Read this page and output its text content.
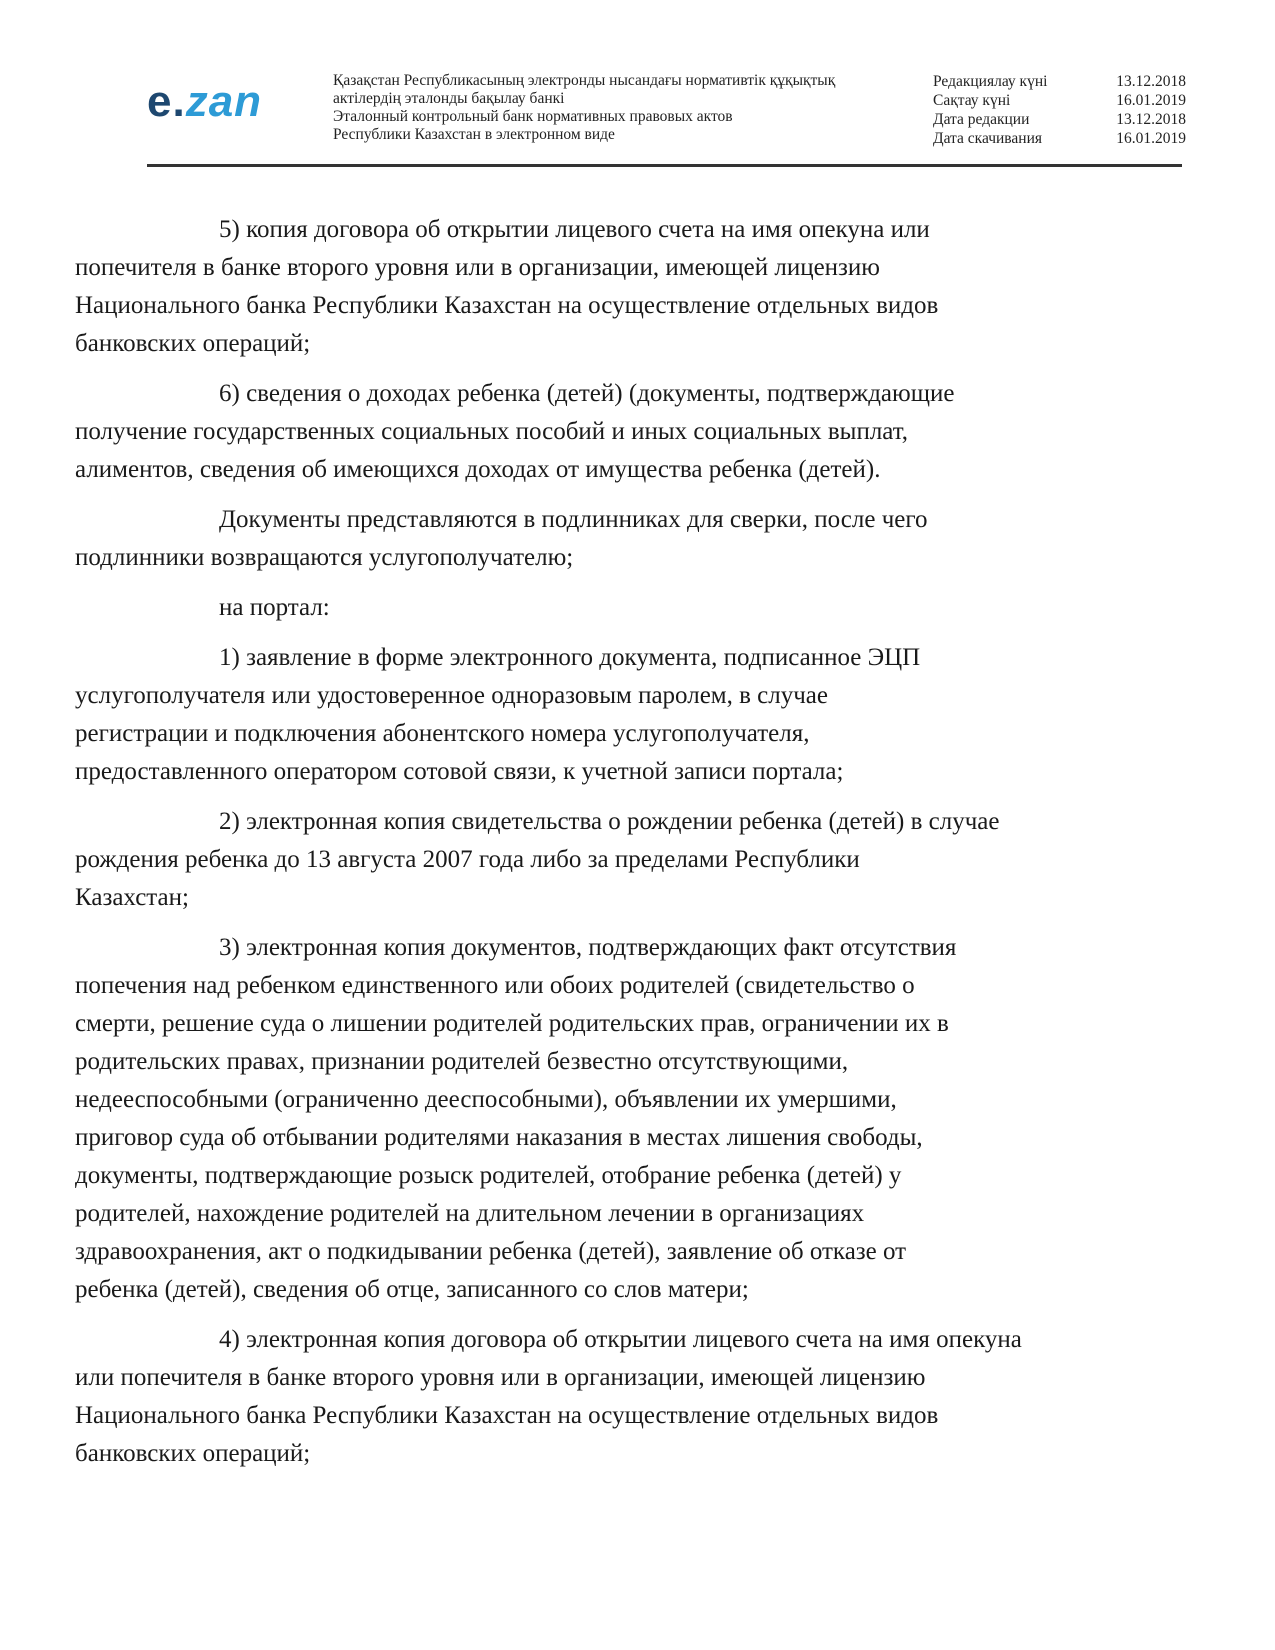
e.zan	Қазақстан Республикасының электронды нысандағы нормативтік құқықтық
актілердің эталонды бақылау банкі
Эталонный контрольный банк нормативных правовых актов
Республики Казахстан в электронном виде
Редакциялау күні	13.12.2018
Сақтау күні	16.01.2019
Дата редакции	13.12.2018
Дата скачивания	16.01.2019

5) копия договора об открытии лицевого счета на имя опекуна или
попечителя в банке второго уровня или в организации, имеющей лицензию
Национального банка Республики Казахстан на осуществление отдельных видов
банковских операций;

6) сведения о доходах ребенка (детей) (документы, подтверждающие
получение государственных социальных пособий и иных социальных выплат,
алиментов, сведения об имеющихся доходах от имущества ребенка (детей).

Документы представляются в подлинниках для сверки, после чего
подлинники возвращаются услугополучателю;

на портал:

1) заявление в форме электронного документа, подписанное ЭЦП
услугополучателя или удостоверенное одноразовым паролем, в случае
регистрации и подключения абонентского номера услугополучателя,
предоставленного оператором сотовой связи, к учетной записи портала;

2) электронная копия свидетельства о рождении ребенка (детей) в случае
рождения ребенка до 13 августа 2007 года либо за пределами Республики
Казахстан;

3) электронная копия документов, подтверждающих факт отсутствия
попечения над ребенком единственного или обоих родителей (свидетельство о
смерти, решение суда о лишении родителей родительских прав, ограничении их в
родительских правах, признании родителей безвестно отсутствующими,
недееспособными (ограниченно дееспособными), объявлении их умершими,
приговор суда об отбывании родителями наказания в местах лишения свободы,
документы, подтверждающие розыск родителей, отобрание ребенка (детей) у
родителей, нахождение родителей на длительном лечении в организациях
здравоохранения, акт о подкидывании ребенка (детей), заявление об отказе от
ребенка (детей), сведения об отце, записанного со слов матери;

4) электронная копия договора об открытии лицевого счета на имя опекуна
или попечителя в банке второго уровня или в организации, имеющей лицензию
Национального банка Республики Казахстан на осуществление отдельных видов
банковских операций;
